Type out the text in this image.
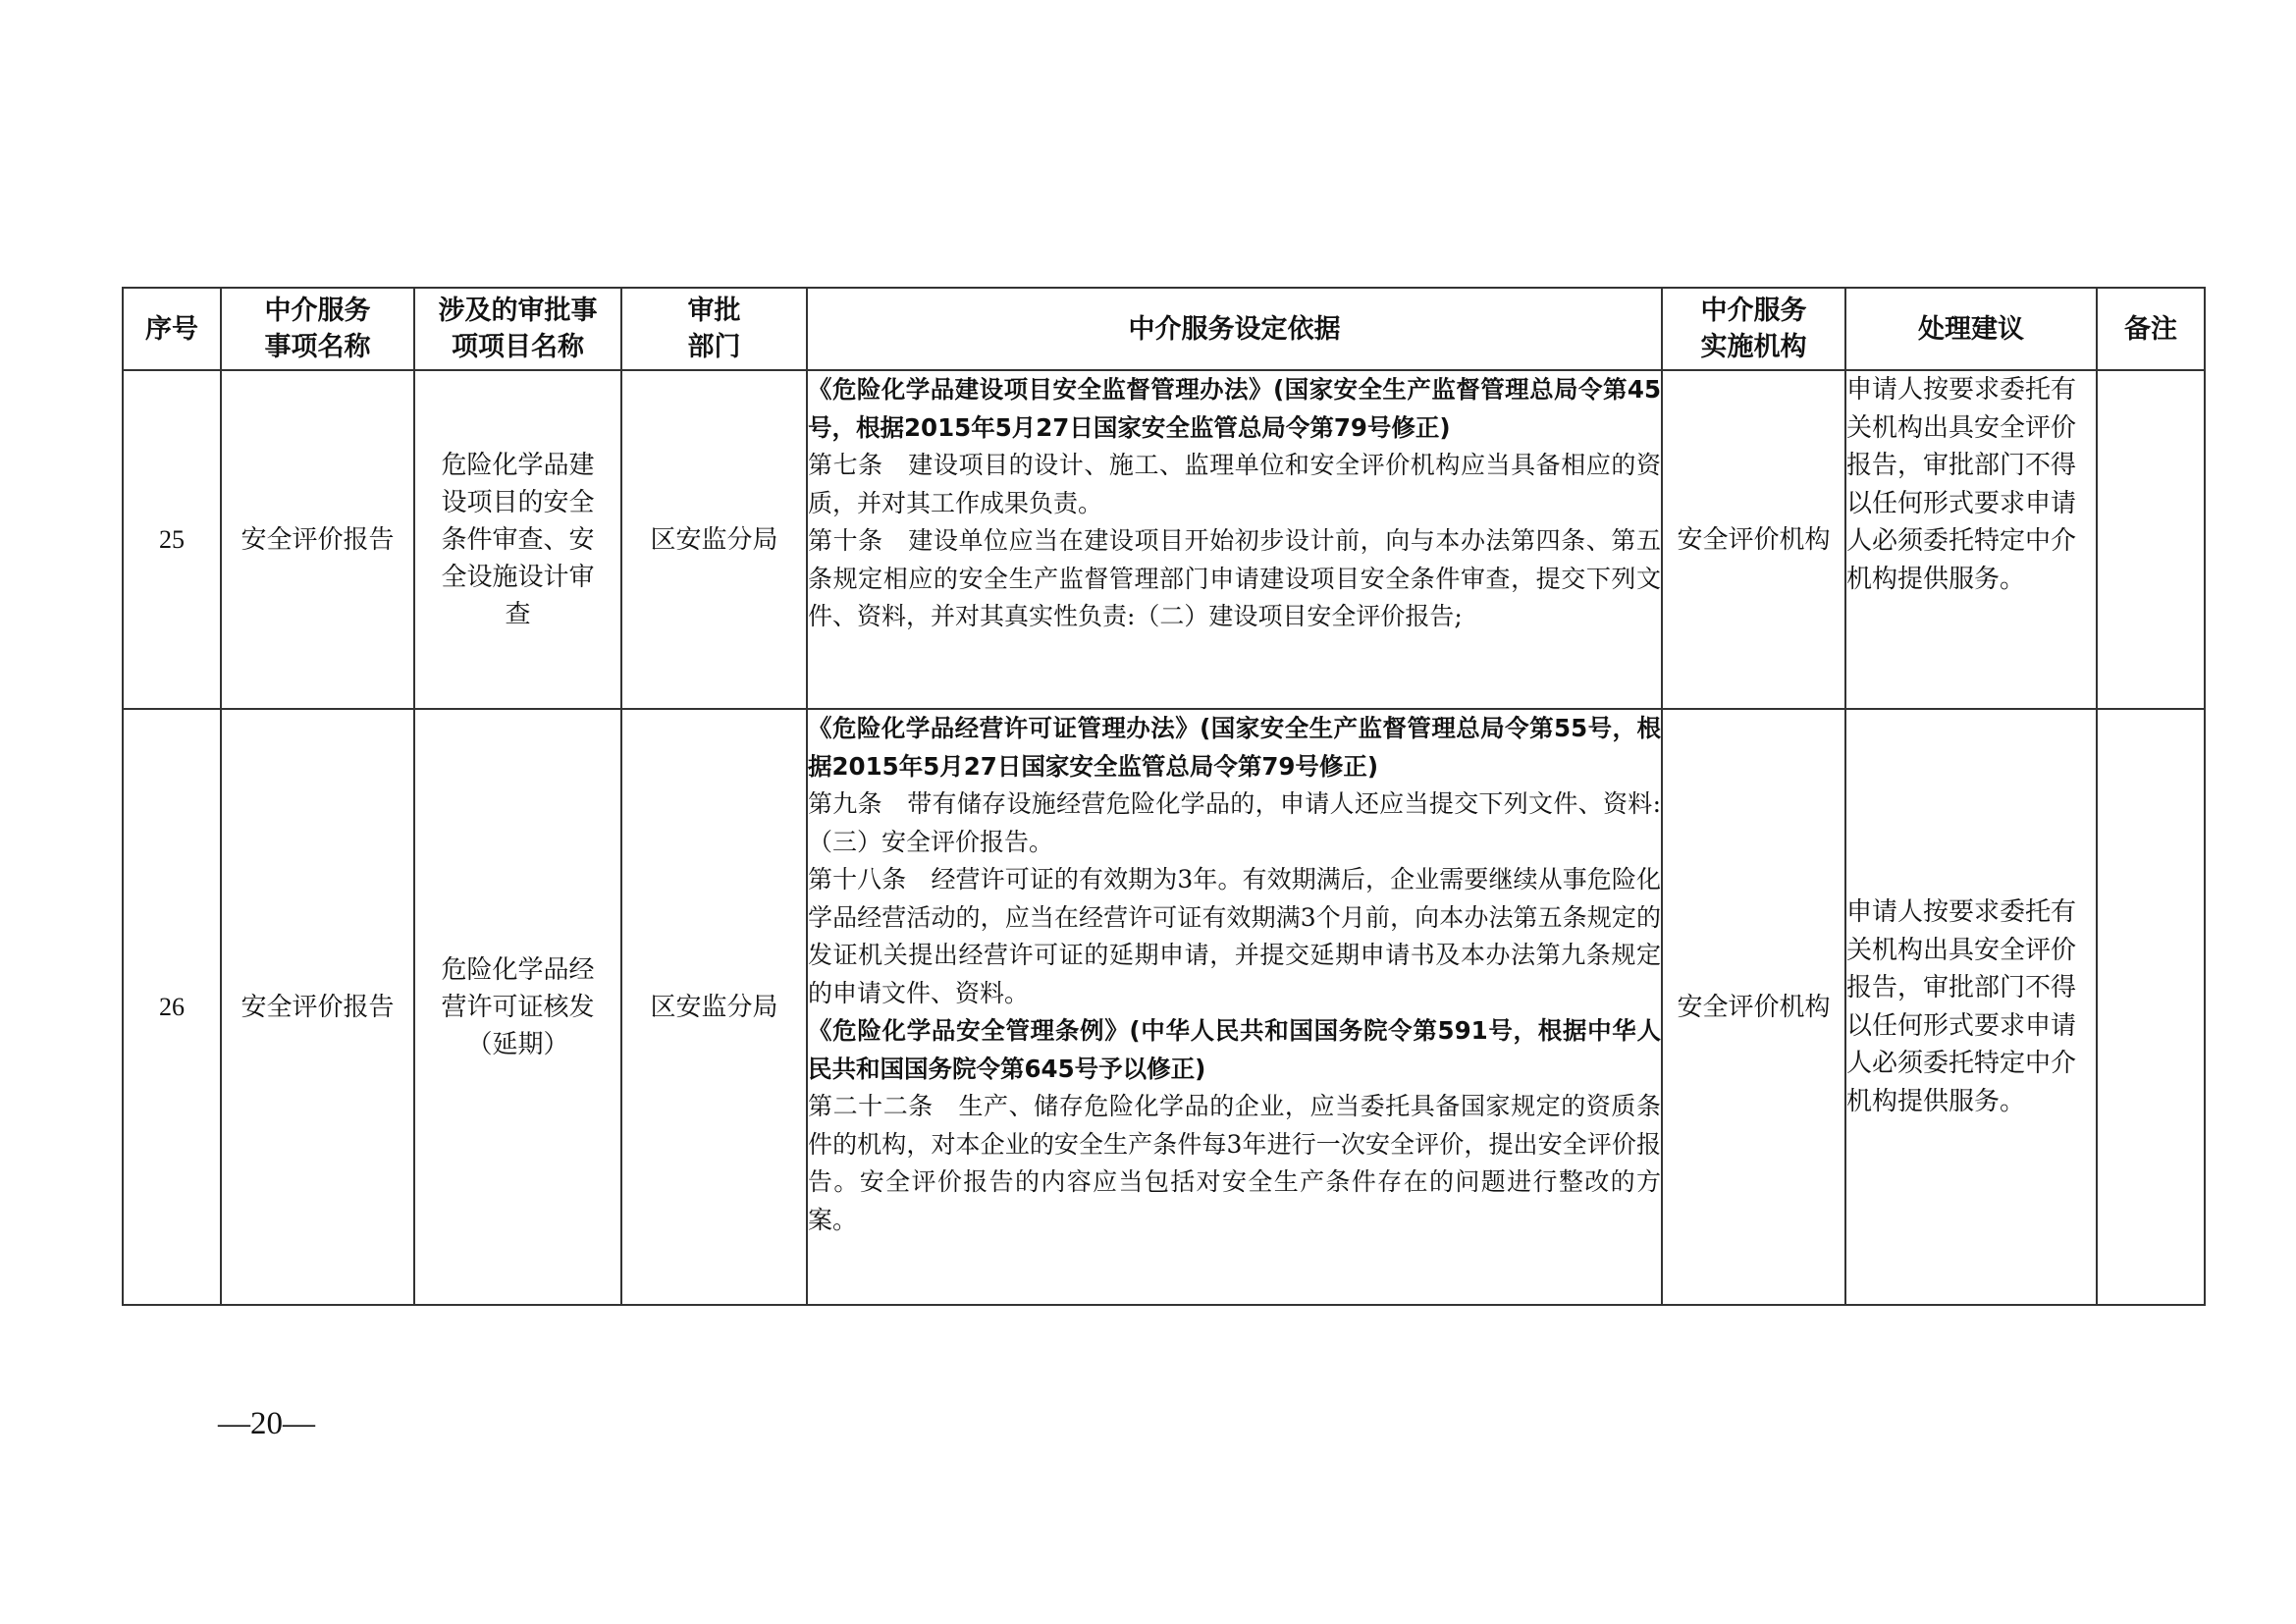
序号	中介服务事项名称	涉及的审批事项项目名称	审批部门	中介服务设定依据	中介服务实施机构	处理建议	备注
25	安全评价报告	危险化学品建设项目的安全条件审查、安全设施设计审查	区安监分局	《危险化学品建设项目安全监督管理办法》(国家安全生产监督管理总局令第45号，根据2015年5月27日国家安全监管总局令第79号修正)
第七条　建设项目的设计、施工、监理单位和安全评价机构应当具备相应的资质，并对其工作成果负责。
第十条　建设单位应当在建设项目开始初步设计前，向与本办法第四条、第五条规定相应的安全生产监督管理部门申请建设项目安全条件审查，提交下列文件、资料，并对其真实性负责:（二）建设项目安全评价报告;	安全评价机构	申请人按要求委托有关机构出具安全评价报告，审批部门不得以任何形式要求申请人必须委托特定中介机构提供服务。	
26	安全评价报告	危险化学品经营许可证核发（延期）	区安监分局	《危险化学品经营许可证管理办法》(国家安全生产监督管理总局令第55号，根据2015年5月27日国家安全监管总局令第79号修正)
第九条　带有储存设施经营危险化学品的，申请人还应当提交下列文件、资料:（三）安全评价报告。
第十八条　经营许可证的有效期为3年。有效期满后，企业需要继续从事危险化学品经营活动的，应当在经营许可证有效期满3个月前，向本办法第五条规定的发证机关提出经营许可证的延期申请，并提交延期申请书及本办法第九条规定的申请文件、资料。
《危险化学品安全管理条例》(中华人民共和国国务院令第591号，根据中华人民共和国国务院令第645号予以修正)
第二十二条　生产、储存危险化学品的企业，应当委托具备国家规定的资质条件的机构，对本企业的安全生产条件每3年进行一次安全评价，提出安全评价报告。安全评价报告的内容应当包括对安全生产条件存在的问题进行整改的方案。	安全评价机构	申请人按要求委托有关机构出具安全评价报告，审批部门不得以任何形式要求申请人必须委托特定中介机构提供服务。	
—20—
